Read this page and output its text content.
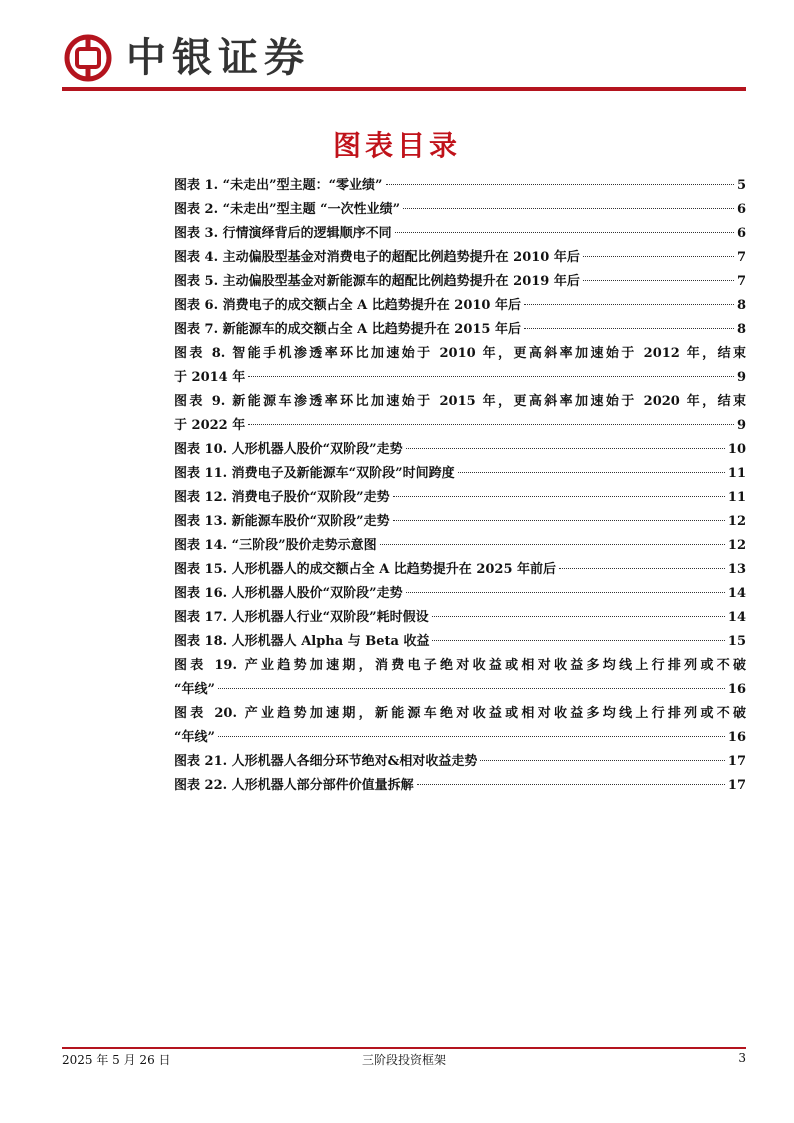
中银证券
图表目录
图表 1. “未走出”型主题：“零业绩”	5
图表 2. “未走出”型主题 “一次性业绩”	6
图表 3. 行情演绎背后的逻辑顺序不同	6
图表 4. 主动偏股型基金对消费电子的超配比例趋势提升在 2010 年后	7
图表 5. 主动偏股型基金对新能源车的超配比例趋势提升在 2019 年后	7
图表 6. 消费电子的成交额占全 A 比趋势提升在 2010 年后	8
图表 7. 新能源车的成交额占全 A 比趋势提升在 2015 年后	8
图表 8. 智能手机渗透率环比加速始于 2010 年，更高斜率加速始于 2012 年，结束
于 2014 年	9
图表 9. 新能源车渗透率环比加速始于 2015 年，更高斜率加速始于 2020 年，结束
于 2022 年	9
图表 10. 人形机器人股价“双阶段”走势	10
图表 11. 消费电子及新能源车“双阶段”时间跨度	11
图表 12. 消费电子股价“双阶段”走势	11
图表 13. 新能源车股价“双阶段”走势	12
图表 14. “三阶段”股价走势示意图	12
图表 15. 人形机器人的成交额占全 A 比趋势提升在 2025 年前后	13
图表 16. 人形机器人股价“双阶段”走势	14
图表 17. 人形机器人行业“双阶段”耗时假设	14
图表 18. 人形机器人 Alpha 与 Beta 收益	15
图表 19. 产业趋势加速期，消费电子绝对收益或相对收益多均线上行排列或不破
“年线”	16
图表 20. 产业趋势加速期，新能源车绝对收益或相对收益多均线上行排列或不破
“年线”	16
图表 21. 人形机器人各细分环节绝对&相对收益走势	17
图表 22. 人形机器人部分部件价值量拆解	17
2025 年 5 月 26 日	三阶段投资框架	3
